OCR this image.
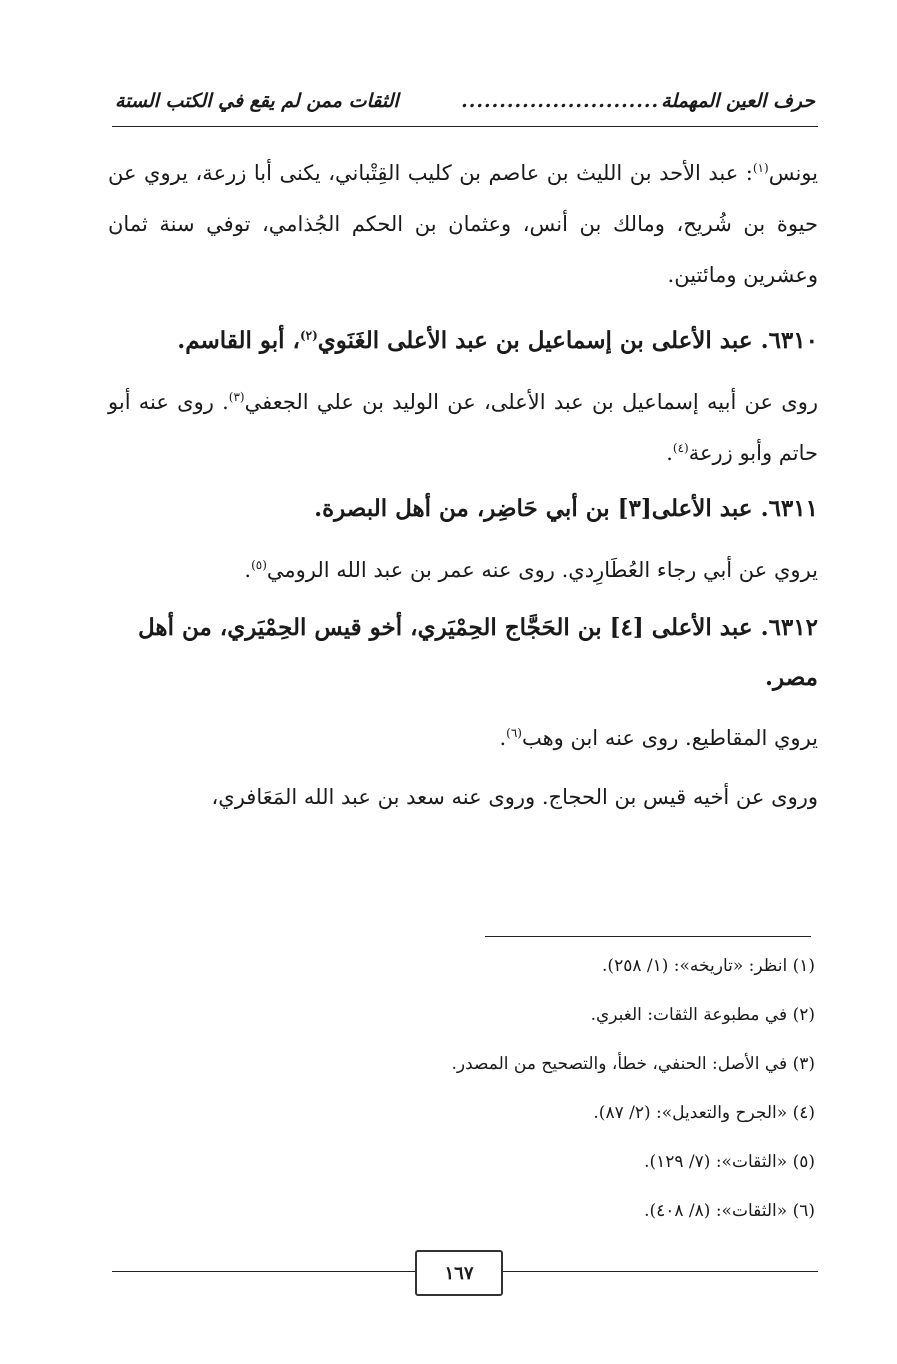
حرف العين المهملة
..........................
الثقات ممن لم يقع في الكتب الستة
يونس$^{(١)}$: عبد الأحد بن الليث بن عاصم بن كليب القِتْباني، يكنى أبا زرعة، يروي عن حيوة بن شُريح، ومالك بن أنس، وعثمان بن الحكم الجُذامي، توفي سنة ثمان وعشرين ومائتين.
٦٣١٠. عبد الأعلى بن إسماعيل بن عبد الأعلى الغَنَوي$^{(٢)}$، أبو القاسم.
روى عن أبيه إسماعيل بن عبد الأعلى، عن الوليد بن علي الجعفي$^{(٣)}$. روى عنه أبو حاتم وأبو زرعة$^{(٤)}$.
٦٣١١. عبد الأعلى[٣] بن أبي حَاضِر، من أهل البصرة.
يروي عن أبي رجاء العُطَارِدي. روى عنه عمر بن عبد الله الرومي$^{(٥)}$.
٦٣١٢. عبد الأعلى [٤] بن الحَجَّاج الحِمْيَري، أخو قيس الحِمْيَري، من أهل مصر.
يروي المقاطيع. روى عنه ابن وهب$^{(٦)}$.
وروى عن أخيه قيس بن الحجاج. وروى عنه سعد بن عبد الله المَعَافري،
(١) انظر: «تاريخه»: (١/ ٢٥٨).
(٢) في مطبوعة الثقات: الغبري.
(٣) في الأصل: الحنفي، خطأ، والتصحيح من المصدر.
(٤) «الجرح والتعديل»: (٢/ ٨٧).
(٥) «الثقات»: (٧/ ١٢٩).
(٦) «الثقات»: (٨/ ٤٠٨).
١٦٧
